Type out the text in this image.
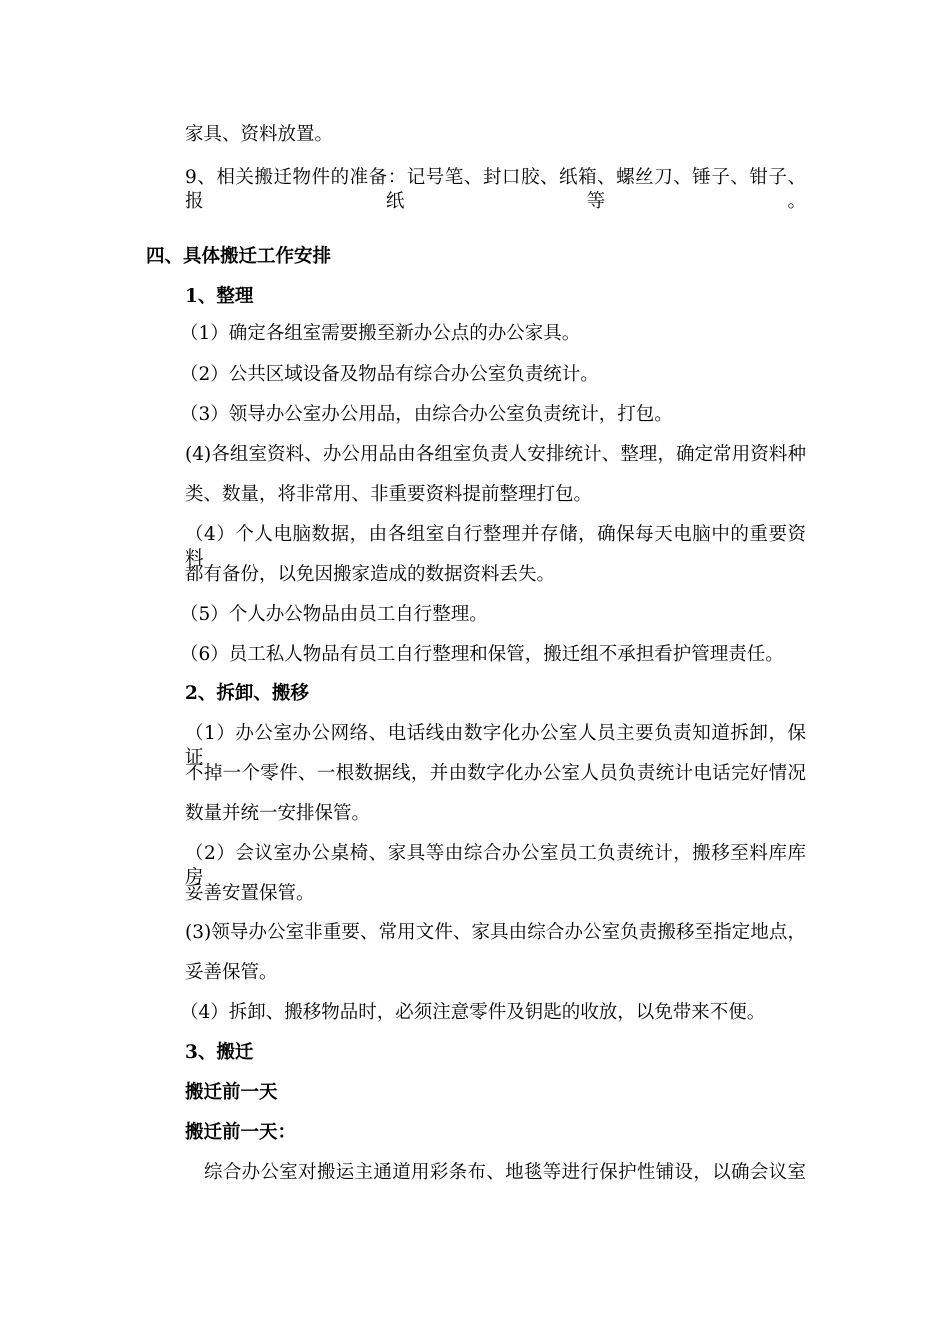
家具、资料放置。
9、相关搬迁物件的准备：记号笔、封口胶、纸箱、螺丝刀、锤子、钳子、报纸等。
四、具体搬迁工作安排
1、整理
（1）确定各组室需要搬至新办公点的办公家具。
（2）公共区域设备及物品有综合办公室负责统计。
（3）领导办公室办公用品，由综合办公室负责统计，打包。
(4)各组室资料、办公用品由各组室负责人安排统计、整理，确定常用资料种
类、数量，将非常用、非重要资料提前整理打包。
（4）个人电脑数据，由各组室自行整理并存储，确保每天电脑中的重要资料
都有备份，以免因搬家造成的数据资料丢失。
（5）个人办公物品由员工自行整理。
（6）员工私人物品有员工自行整理和保管，搬迁组不承担看护管理责任。
2、拆卸、搬移
（1）办公室办公网络、电话线由数字化办公室人员主要负责知道拆卸，保证
不掉一个零件、一根数据线，并由数字化办公室人员负责统计电话完好情况
数量并统一安排保管。
（2）会议室办公桌椅、家具等由综合办公室员工负责统计，搬移至料库库房
妥善安置保管。
(3)领导办公室非重要、常用文件、家具由综合办公室负责搬移至指定地点，
妥善保管。
（4）拆卸、搬移物品时，必须注意零件及钥匙的收放，以免带来不便。
3、搬迁
搬迁前一天
搬迁前一天：
综合办公室对搬运主通道用彩条布、地毯等进行保护性铺设，以确会议室
